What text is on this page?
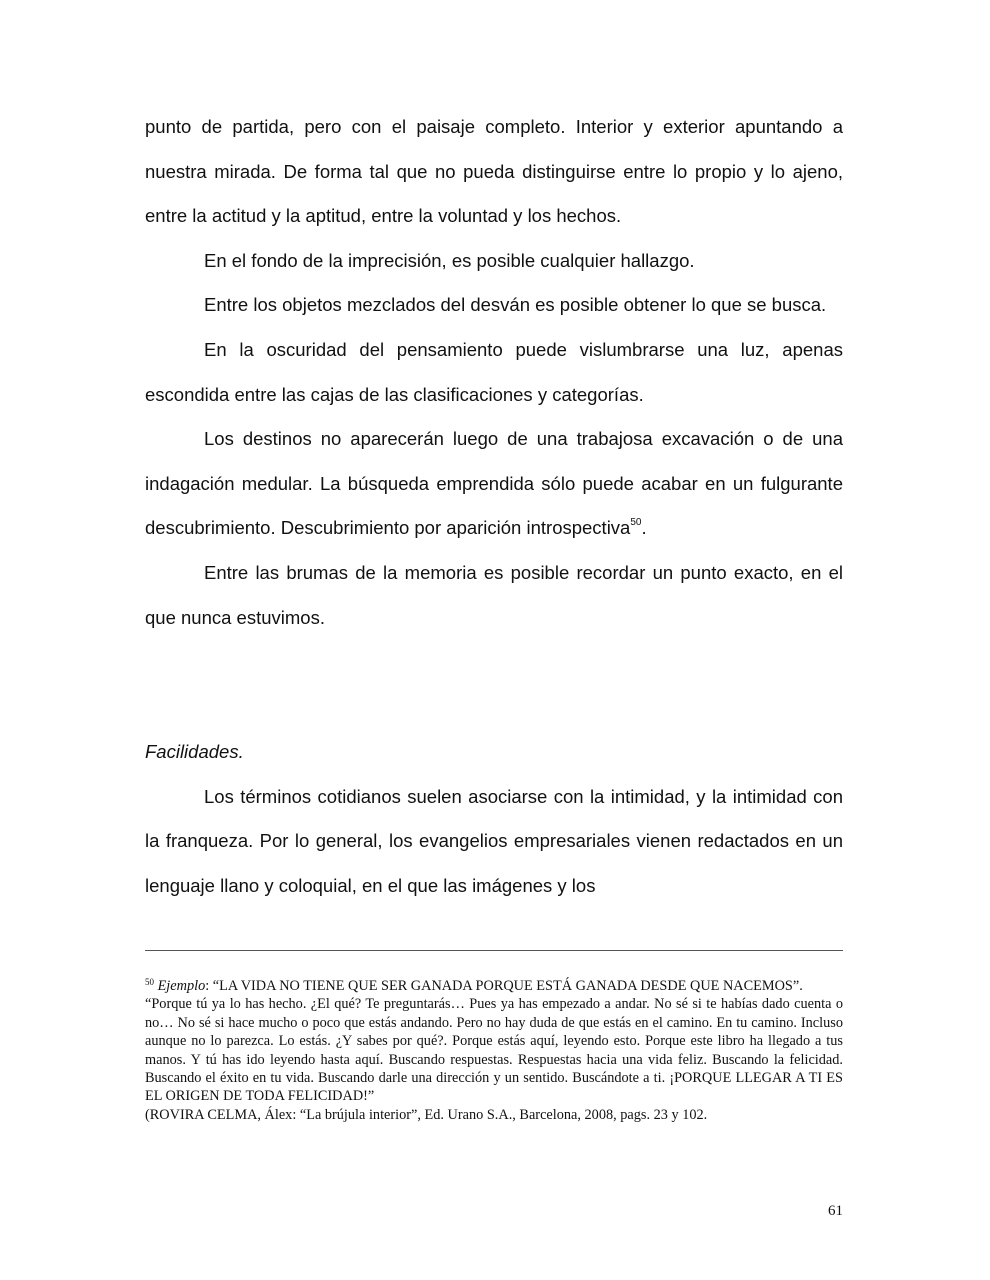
punto de partida, pero con el paisaje completo. Interior y exterior apuntando a nuestra mirada. De forma tal que no pueda distinguirse entre lo propio y lo ajeno, entre la actitud y la aptitud, entre la voluntad y los hechos.

En el fondo de la imprecisión, es posible cualquier hallazgo.

Entre los objetos mezclados del desván es posible obtener lo que se busca.

En la oscuridad del pensamiento puede vislumbrarse una luz, apenas escondida entre las cajas de las clasificaciones y categorías.

Los destinos no aparecerán luego de una trabajosa excavación o de una indagación medular. La búsqueda emprendida sólo puede acabar en un fulgurante descubrimiento. Descubrimiento por aparición introspectiva$^{50}$.

Entre las brumas de la memoria es posible recordar un punto exacto, en el que nunca estuvimos.

Facilidades.

Los términos cotidianos suelen asociarse con la intimidad, y la intimidad con la franqueza. Por lo general, los evangelios empresariales vienen redactados en un lenguaje llano y coloquial, en el que las imágenes y los

$^{50}$ Ejemplo: “LA VIDA NO TIENE QUE SER GANADA PORQUE ESTÁ GANADA DESDE QUE NACEMOS”.

“Porque tú ya lo has hecho. ¿El qué? Te preguntarás… Pues ya has empezado a andar. No sé si te habías dado cuenta o no… No sé si hace mucho o poco que estás andando. Pero no hay duda de que estás en el camino. En tu camino. Incluso aunque no lo parezca. Lo estás. ¿Y sabes por qué?. Porque estás aquí, leyendo esto. Porque este libro ha llegado a tus manos. Y tú has ido leyendo hasta aquí. Buscando respuestas. Respuestas hacia una vida feliz. Buscando la felicidad. Buscando el éxito en tu vida. Buscando darle una dirección y un sentido. Buscándote a ti. ¡PORQUE LLEGAR A TI ES EL ORIGEN DE TODA FELICIDAD!”

(ROVIRA CELMA, Álex: “La brújula interior”, Ed. Urano S.A., Barcelona, 2008, pags. 23 y 102.

61
